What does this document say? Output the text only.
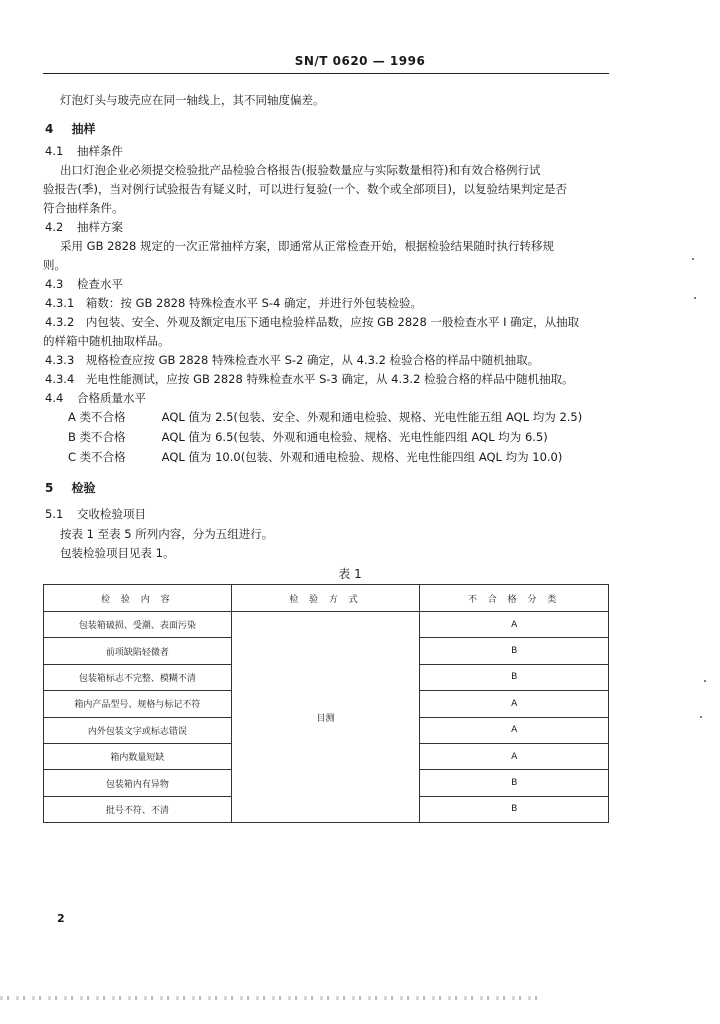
SN/T 0620 — 1996
灯泡灯头与玻壳应在同一轴线上，其不同轴度偏差。
4 抽样
4.1 抽样条件
出口灯泡企业必须提交检验批产品检验合格报告(报验数量应与实际数量相符)和有效合格例行试
验报告(季)，当对例行试验报告有疑义时，可以进行复验(一个、数个或全部项目)，以复验结果判定是否
符合抽样条件。
4.2 抽样方案
采用 GB 2828 规定的一次正常抽样方案，即通常从正常检查开始，根据检验结果随时执行转移规
则。
4.3 检查水平
4.3.1 箱数：按 GB 2828 特殊检查水平 S-4 确定，并进行外包装检验。
4.3.2 内包装、安全、外观及额定电压下通电检验样品数，应按 GB 2828 一般检查水平 I 确定，从抽取
的样箱中随机抽取样品。
4.3.3 规格检查应按 GB 2828 特殊检查水平 S-2 确定，从 4.3.2 检验合格的样品中随机抽取。
4.3.4 光电性能测试，应按 GB 2828 特殊检查水平 S-3 确定，从 4.3.2 检验合格的样品中随机抽取。
4.4 合格质量水平
A 类不合格	AQL 值为 2.5(包装、安全、外观和通电检验、规格、光电性能五组 AQL 均为 2.5)
B 类不合格	AQL 值为 6.5(包装、外观和通电检验、规格、光电性能四组 AQL 均为 6.5)
C 类不合格	AQL 值为 10.0(包装、外观和通电检验、规格、光电性能四组 AQL 均为 10.0)
5 检验
5.1 交收检验项目
按表 1 至表 5 所列内容，分为五组进行。
包装检验项目见表 1。
表 1
检 验 内 容	检 验 方 式	不 合 格 分 类
包装箱破损、受潮、表面污染	目测	A
前项缺陷轻微者		B
包装箱标志不完整、模糊不清		B
箱内产品型号、规格与标记不符		A
内外包装文字或标志错误		A
箱内数量短缺		A
包装箱内有异物		B
批号不符、不清		B
2
